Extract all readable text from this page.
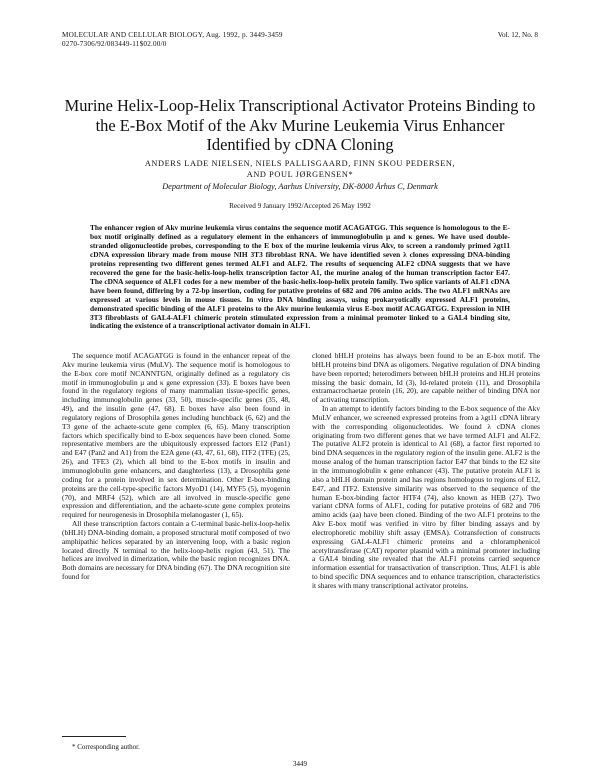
MOLECULAR AND CELLULAR BIOLOGY, Aug. 1992, p. 3449-3459
0270-7306/92/083449-11$02.00/0
Vol. 12, No. 8
Murine Helix-Loop-Helix Transcriptional Activator Proteins Binding to the E-Box Motif of the Akv Murine Leukemia Virus Enhancer Identified by cDNA Cloning
ANDERS LADE NIELSEN, NIELS PALLISGAARD, FINN SKOU PEDERSEN,
AND POUL JØRGENSEN*
Department of Molecular Biology, Aarhus University, DK-8000 Århus C, Denmark
Received 9 January 1992/Accepted 26 May 1992
The enhancer region of Akv murine leukemia virus contains the sequence motif ACAGATGG. This sequence is homologous to the E-box motif originally defined as a regulatory element in the enhancers of immunoglobulin µ and κ genes. We have used double-stranded oligonucleotide probes, corresponding to the E box of the murine leukemia virus Akv, to screen a randomly primed λgt11 cDNA expression library made from mouse NIH 3T3 fibroblast RNA. We have identified seven λ clones expressing DNA-binding proteins representing two different genes termed ALF1 and ALF2. The results of sequencing ALF2 cDNA suggests that we have recovered the gene for the basic-helix-loop-helix transcription factor A1, the murine analog of the human transcription factor E47. The cDNA sequence of ALF1 codes for a new member of the basic-helix-loop-helix protein family. Two splice variants of ALF1 cDNA have been found, differing by a 72-bp insertion, coding for putative proteins of 682 and 706 amino acids. The two ALF1 mRNAs are expressed at various levels in mouse tissues. In vitro DNA binding assays, using prokaryotically expressed ALF1 proteins, demonstrated specific binding of the ALF1 proteins to the Akv murine leukemia virus E-box motif ACAGATGG. Expression in NIH 3T3 fibroblasts of GAL4-ALF1 chimeric protein stimulated expression from a minimal promoter linked to a GAL4 binding site, indicating the existence of a transcriptional activator domain in ALF1.

The sequence motif ACAGATGG is found in the enhancer repeat of the Akv murine leukemia virus (MuLV). The sequence motif is homologous to the E-box core motif NCANNTGN, originally defined as a regulatory cis motif in immunoglobulin µ and κ gene expression (33). E boxes have been found in the regulatory regions of many mammalian tissue-specific genes, including immunoglobulin genes (33, 50), muscle-specific genes (35, 48, 49), and the insulin gene (47, 68). E boxes have also been found in regulatory regions of Drosophila genes including hunchback (6, 62) and the T3 gene of the achaete-scute gene complex (6, 65). Many transcription factors which specifically bind to E-box sequences have been cloned. Some representative members are the ubiquitously expressed factors E12 (Pan1) and E47 (Pan2 and A1) from the E2A gene (43, 47, 61, 68), ITF2 (TFE) (25, 26), and TFE3 (2), which all bind to the E-box motifs in insulin and immunoglobulin gene enhancers, and daughterless (13), a Drosophila gene coding for a protein involved in sex determination. Other E-box-binding proteins are the cell-type-specific factors MyoD1 (14), MYF5 (5), myogenin (70), and MRF4 (52), which are all involved in muscle-specific gene expression and differentiation, and the achaete-scute gene complex proteins required for neurogenesis in Drosophila melanogaster (1, 65).

All these transcription factors contain a C-terminal basic-helix-loop-helix (bHLH) DNA-binding domain, a proposed structural motif composed of two amphipathic helices separated by an intervening loop, with a basic region located directly N terminal to the helix-loop-helix region (43, 51). The helices are involved in dimerization, while the basic region recognizes DNA. Both domains are necessary for DNA binding (67). The DNA recognition site found for

cloned bHLH proteins has always been found to be an E-box motif. The bHLH proteins bind DNA as oligomers. Negative regulation of DNA binding have been reported; heterodimers between bHLH proteins and HLH proteins missing the basic domain, Id (3), Id-related protein (11), and Drosophila extramacrochaetae protein (16, 20), are capable neither of binding DNA nor of activating transcription.

In an attempt to identify factors binding to the E-box sequence of the Akv MuLV enhancer, we screened expressed proteins from a λgt11 cDNA library with the corresponding oligonucleotides. We found λ cDNA clones originating from two different genes that we have termed ALF1 and ALF2. The putative ALF2 protein is identical to A1 (68), a factor first reported to bind DNA sequences in the regulatory region of the insulin gene. ALF2 is the mouse analog of the human transcription factor E47 that binds to the E2 site in the immunoglobulin κ gene enhancer (43). The putative protein ALF1 is also a bHLH domain protein and has regions homologous to regions of E12, E47, and ITF2. Extensive similarity was observed to the sequence of the human E-box-binding factor HTF4 (74), also known as HEB (27). Two variant cDNA forms of ALF1, coding for putative proteins of 682 and 706 amino acids (aa) have been cloned. Binding of the two ALF1 proteins to the Akv E-box motif was verified in vitro by filter binding assays and by electrophoretic mobility shift assay (EMSA). Cotransfection of constructs expressing GAL4-ALF1 chimeric proteins and a chloramphenicol acetyltransferase (CAT) reporter plasmid with a minimal promoter including a GAL4 binding site revealed that the ALF1 proteins carried sequence information essential for transactivation of transcription. Thus, ALF1 is able to bind specific DNA sequences and to enhance transcription, characteristics it shares with many transcriptional activator proteins.

* Corresponding author.
3449
